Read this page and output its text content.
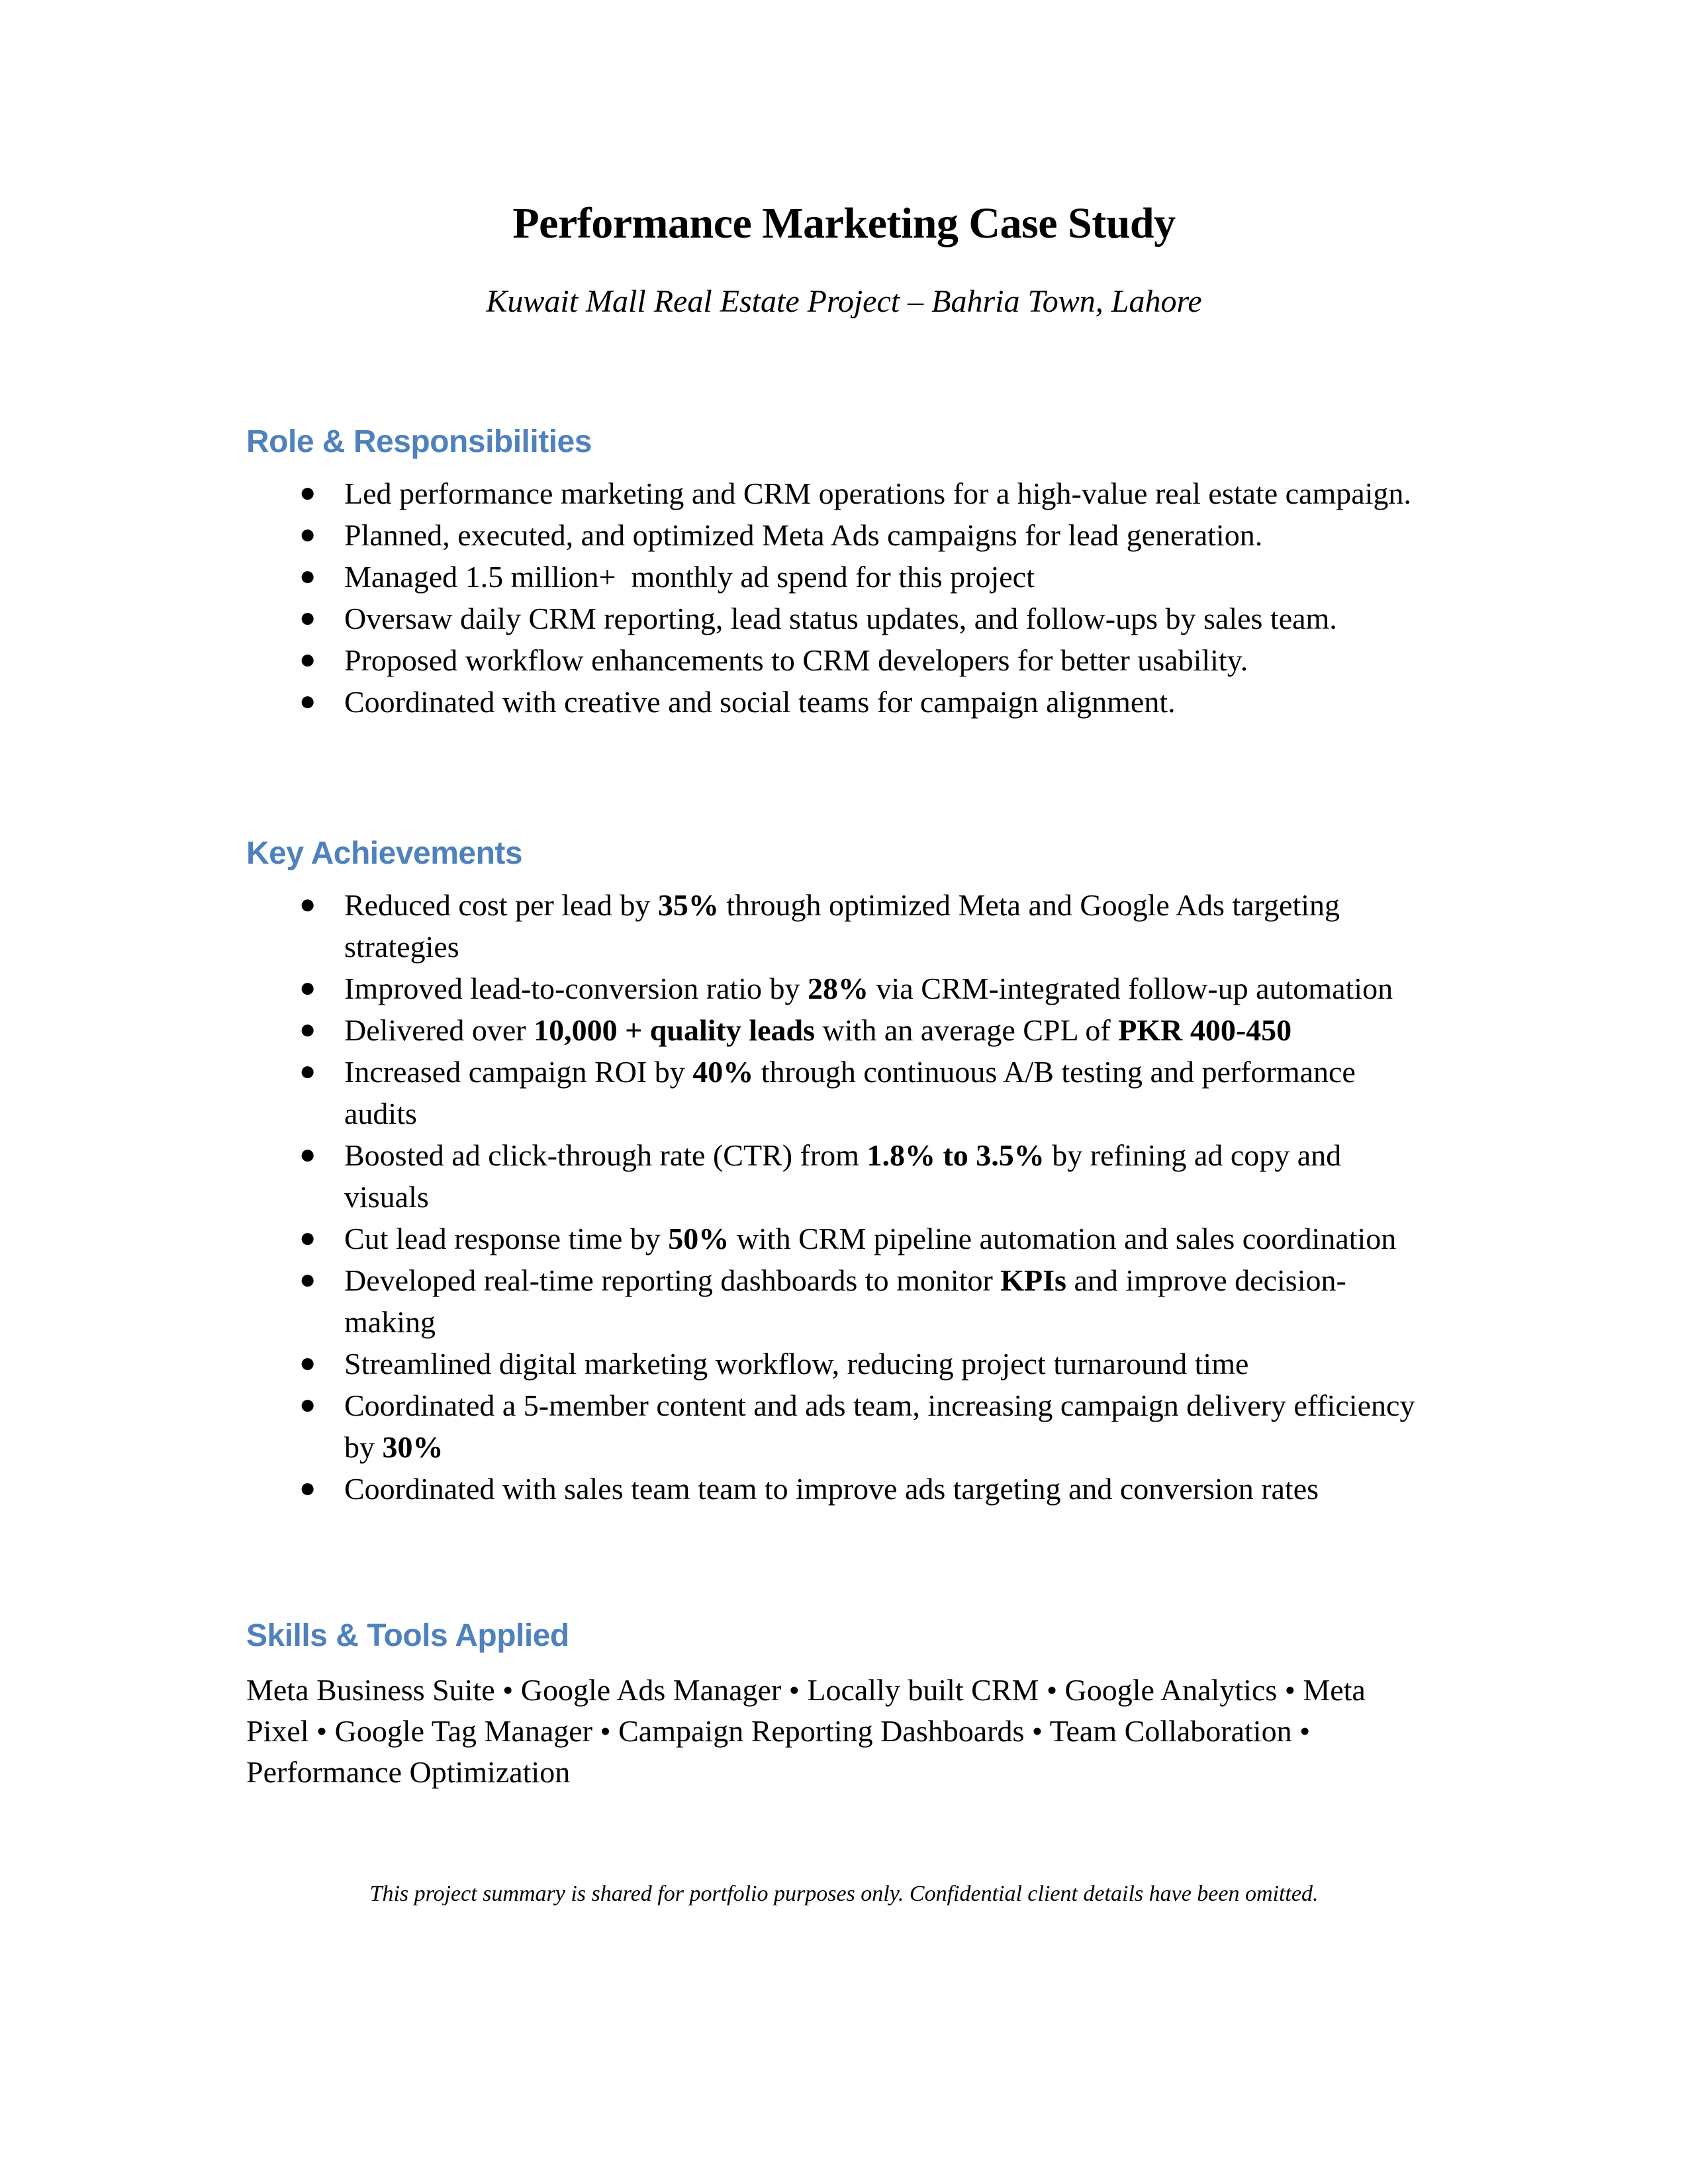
Performance Marketing Case Study
Kuwait Mall Real Estate Project – Bahria Town, Lahore
Role & Responsibilities
● Led performance marketing and CRM operations for a high-value real estate campaign.
● Planned, executed, and optimized Meta Ads campaigns for lead generation.
● Managed 1.5 million+  monthly ad spend for this project
● Oversaw daily CRM reporting, lead status updates, and follow-ups by sales team.
● Proposed workflow enhancements to CRM developers for better usability.
● Coordinated with creative and social teams for campaign alignment.
Key Achievements
● Reduced cost per lead by 35% through optimized Meta and Google Ads targeting strategies
● Improved lead-to-conversion ratio by 28% via CRM-integrated follow-up automation
● Delivered over 10,000 + quality leads with an average CPL of PKR 400-450
● Increased campaign ROI by 40% through continuous A/B testing and performance audits
● Boosted ad click-through rate (CTR) from 1.8% to 3.5% by refining ad copy and visuals
● Cut lead response time by 50% with CRM pipeline automation and sales coordination
● Developed real-time reporting dashboards to monitor KPIs and improve decision-making
● Streamlined digital marketing workflow, reducing project turnaround time
● Coordinated a 5-member content and ads team, increasing campaign delivery efficiency by 30%
● Coordinated with sales team team to improve ads targeting and conversion rates
Skills & Tools Applied
Meta Business Suite • Google Ads Manager • Locally built CRM • Google Analytics • Meta Pixel • Google Tag Manager • Campaign Reporting Dashboards • Team Collaboration • Performance Optimization
This project summary is shared for portfolio purposes only. Confidential client details have been omitted.
